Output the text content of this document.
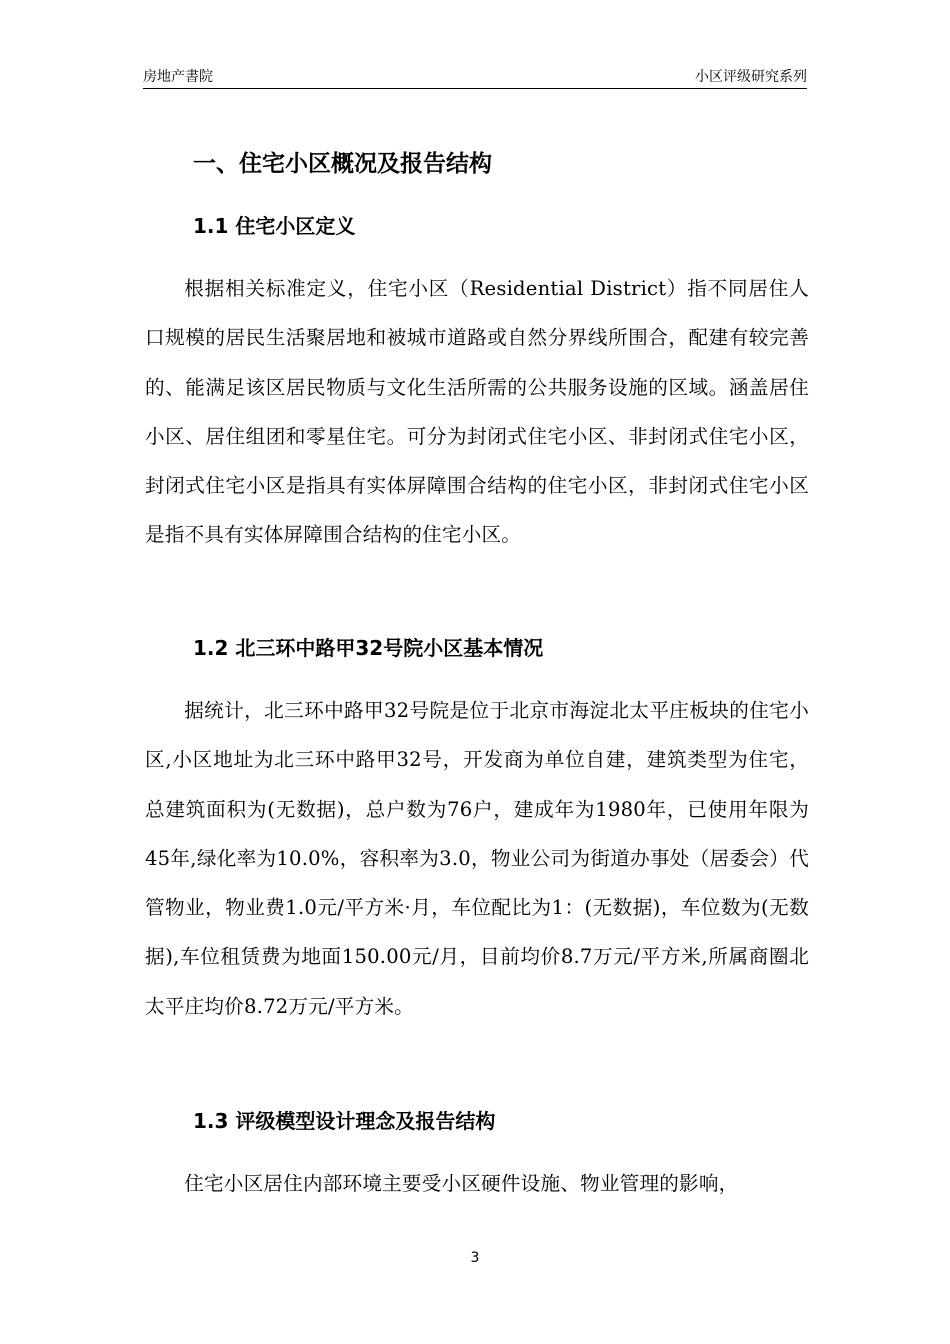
房地产書院	小区评级研究系列
一、住宅小区概况及报告结构
1.1 住宅小区定义
根据相关标准定义，住宅小区（Residential District）指不同居住人口规模的居民生活聚居地和被城市道路或自然分界线所围合，配建有较完善的、能满足该区居民物质与文化生活所需的公共服务设施的区域。涵盖居住小区、居住组团和零星住宅。可分为封闭式住宅小区、非封闭式住宅小区，封闭式住宅小区是指具有实体屏障围合结构的住宅小区，非封闭式住宅小区是指不具有实体屏障围合结构的住宅小区。
1.2 北三环中路甲32号院小区基本情况
据统计，北三环中路甲32号院是位于北京市海淀北太平庄板块的住宅小区,小区地址为北三环中路甲32号，开发商为单位自建，建筑类型为住宅，总建筑面积为(无数据)，总户数为76户，建成年为1980年，已使用年限为45年,绿化率为10.0%，容积率为3.0，物业公司为街道办事处（居委会）代管物业，物业费1.0元/平方米·月，车位配比为1：(无数据)，车位数为(无数据),车位租赁费为地面150.00元/月，目前均价8.7万元/平方米,所属商圈北太平庄均价8.72万元/平方米。
1.3 评级模型设计理念及报告结构
住宅小区居住内部环境主要受小区硬件设施、物业管理的影响，
3
